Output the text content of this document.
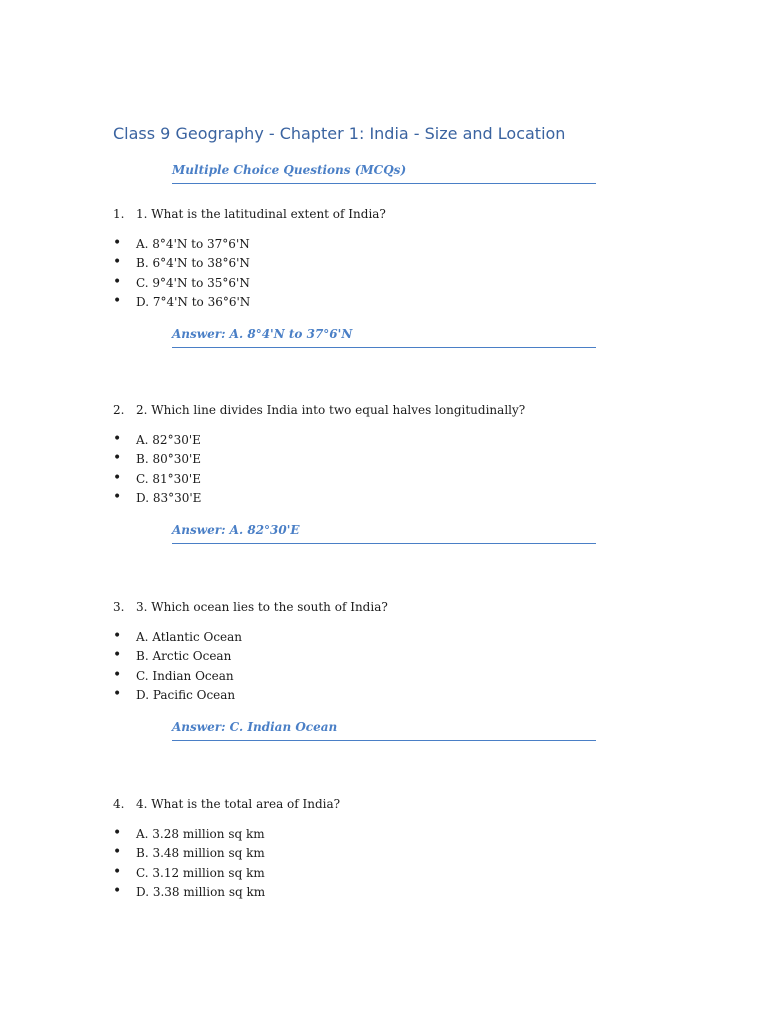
Class 9 Geography - Chapter 1: India - Size and Location
Multiple Choice Questions (MCQs)
1. 1. What is the latitudinal extent of India?
• A. 8°4'N to 37°6'N
• B. 6°4'N to 38°6'N
• C. 9°4'N to 35°6'N
• D. 7°4'N to 36°6'N
Answer: A. 8°4'N to 37°6'N
2. 2. Which line divides India into two equal halves longitudinally?
• A. 82°30'E
• B. 80°30'E
• C. 81°30'E
• D. 83°30'E
Answer: A. 82°30'E
3. 3. Which ocean lies to the south of India?
• A. Atlantic Ocean
• B. Arctic Ocean
• C. Indian Ocean
• D. Pacific Ocean
Answer: C. Indian Ocean
4. 4. What is the total area of India?
• A. 3.28 million sq km
• B. 3.48 million sq km
• C. 3.12 million sq km
• D. 3.38 million sq km
